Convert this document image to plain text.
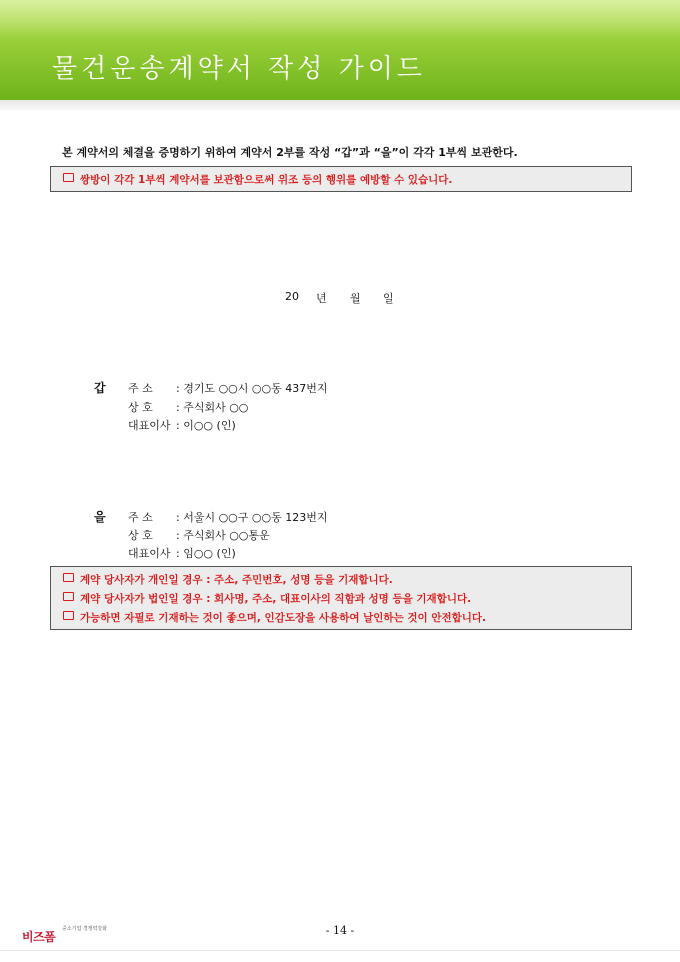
물건운송계약서 작성 가이드
본 계약서의 체결을 증명하기 위하여 계약서 2부를 작성 “갑”과 “을”이 각각 1부씩 보관한다.
쌍방이 각각 1부씩 계약서를 보관함으로써 위조 등의 행위를 예방할 수 있습니다.
20 년 월 일
갑 주 소 : 경기도 ○○시 ○○동 437번지
상 호 : 주식회사 ○○
대표이사 : 이○○ (인)
을 주 소 : 서울시 ○○구 ○○동 123번지
상 호 : 주식회사 ○○통운
대표이사 : 임○○ (인)
계약 당사자가 개인일 경우 : 주소, 주민번호, 성명 등을 기재합니다.
계약 당사자가 법인일 경우 : 회사명, 주소, 대표이사의 직함과 성명 등을 기재합니다.
가능하면 자필로 기재하는 것이 좋으며, 인감도장을 사용하여 날인하는 것이 안전합니다.
- 14 -
비즈폼
중소기업 경쟁력강화
